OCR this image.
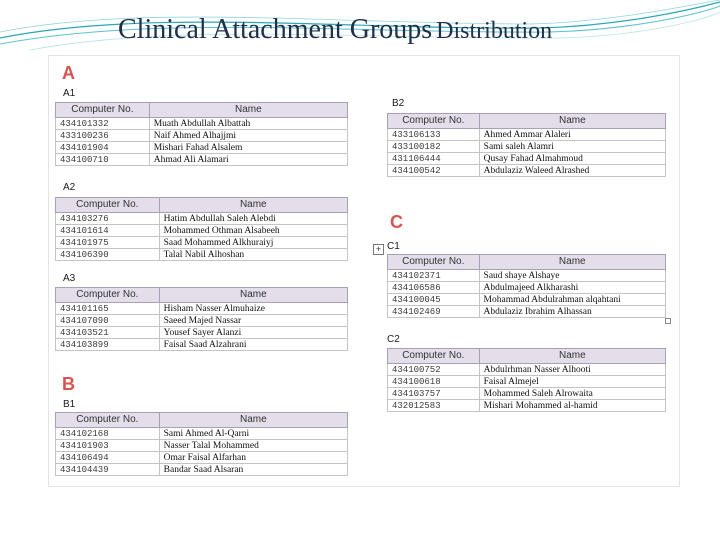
Clinical Attachment Groups Distribution
A
A1
Computer No.	Name
434101332	Muath Abdullah Albattah
433100236	Naif Ahmed Alhajjmi
434101904	Mishari Fahad Alsalem
434100710	Ahmad Ali Alamari
A2
Computer No.	Name
434103276	Hatim Abdullah Saleh Alebdi
434101614	Mohammed Othman Alsabeeh
434101975	Saad Mohammed Alkhuraiyj
434106390	Talal Nabil Alhoshan
A3
Computer No.	Name
434101165	Hisham Nasser Almuhaize
434107090	Saeed Majed Nassar
434103521	Yousef Sayer Alanzi
434103899	Faisal Saad Alzahrani
B
B1
Computer No.	Name
434102168	Sami Ahmed Al-Qarni
434101903	Nasser Talal Mohammed
434106494	Omar Faisal Alfarhan
434104439	Bandar Saad Alsaran
B2
Computer No.	Name
433106133	Ahmed Ammar Alaleri
433100182	Sami saleh Alamri
431106444	Qusay Fahad Almahmoud
434100542	Abdulaziz Waleed Alrashed
C
+ C1
Computer No.	Name
434102371	Saud shaye Alshaye
434106586	Abdulmajeed Alkharashi
434100045	Mohammad Abdulrahman alqahtani
434102469	Abdulaziz Ibrahim Alhassan
C2
Computer No.	Name
434100752	Abdulrhman Nasser Alhooti
434100618	Faisal Almejel
434103757	Mohammed Saleh Alrowaita
432012583	Mishari Mohammed al-hamid
